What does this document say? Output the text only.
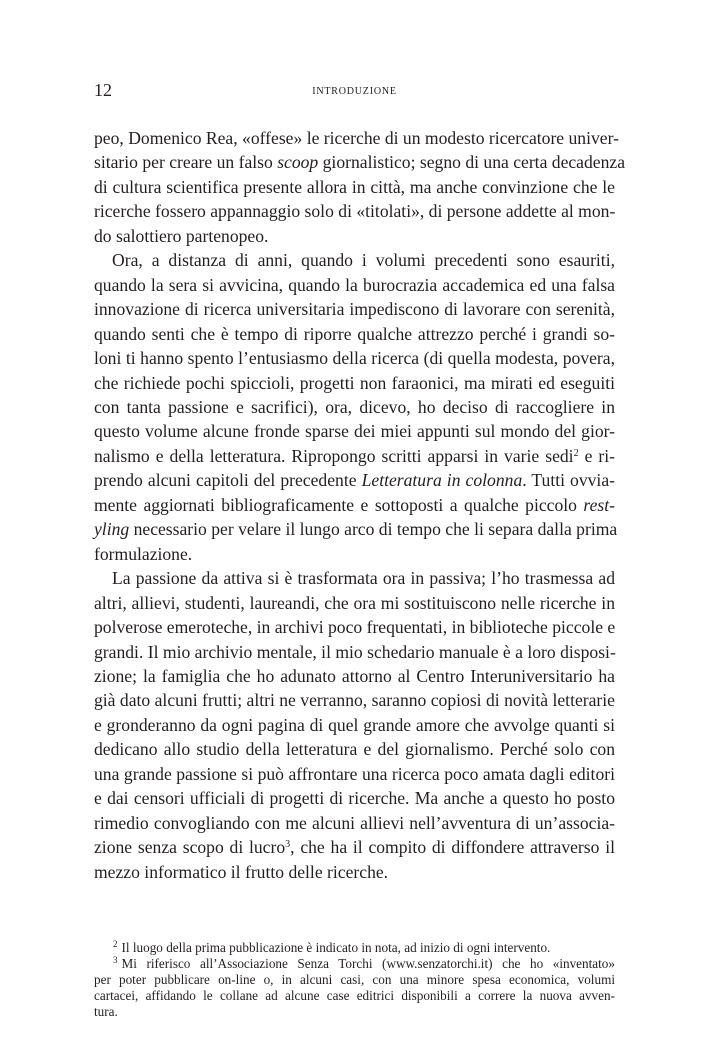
12	introduzione

peo, Domenico Rea, «offese» le ricerche di un modesto ricercatore univer-
sitario per creare un falso scoop giornalistico; segno di una certa decadenza
di cultura scientifica presente allora in città, ma anche convinzione che le
ricerche fossero appannaggio solo di «titolati», di persone addette al mon-
do salottiero partenopeo.

Ora, a distanza di anni, quando i volumi precedenti sono esauriti,
quando la sera si avvicina, quando la burocrazia accademica ed una falsa
innovazione di ricerca universitaria impediscono di lavorare con serenità,
quando senti che è tempo di riporre qualche attrezzo perché i grandi so-
loni ti hanno spento l’entusiasmo della ricerca (di quella modesta, povera,
che richiede pochi spiccioli, progetti non faraonici, ma mirati ed eseguiti
con tanta passione e sacrifici), ora, dicevo, ho deciso di raccogliere in
questo volume alcune fronde sparse dei miei appunti sul mondo del gior-
nalismo e della letteratura. Ripropongo scritti apparsi in varie sedi$^2$ e ri-
prendo alcuni capitoli del precedente Letteratura in colonna. Tutti ovvia-
mente aggiornati bibliograficamente e sottoposti a qualche piccolo rest-
yling necessario per velare il lungo arco di tempo che li separa dalla prima
formulazione.

La passione da attiva si è trasformata ora in passiva; l’ho trasmessa ad
altri, allievi, studenti, laureandi, che ora mi sostituiscono nelle ricerche in
polverose emeroteche, in archivi poco frequentati, in biblioteche piccole e
grandi. Il mio archivio mentale, il mio schedario manuale è a loro disposi-
zione; la famiglia che ho adunato attorno al Centro Interuniversitario ha
già dato alcuni frutti; altri ne verranno, saranno copiosi di novità letterarie
e gronderanno da ogni pagina di quel grande amore che avvolge quanti si
dedicano allo studio della letteratura e del giornalismo. Perché solo con
una grande passione si può affrontare una ricerca poco amata dagli editori
e dai censori ufficiali di progetti di ricerche. Ma anche a questo ho posto
rimedio convogliando con me alcuni allievi nell’avventura di un’associa-
zione senza scopo di lucro$^3$, che ha il compito di diffondere attraverso il
mezzo informatico il frutto delle ricerche.

$^2$ Il luogo della prima pubblicazione è indicato in nota, ad inizio di ogni intervento.
$^3$ Mi riferisco all’Associazione Senza Torchi (www.senzatorchi.it) che ho «inventato»
per poter pubblicare on-line o, in alcuni casi, con una minore spesa economica, volumi
cartacei, affidando le collane ad alcune case editrici disponibili a correre la nuova avven-
tura.
